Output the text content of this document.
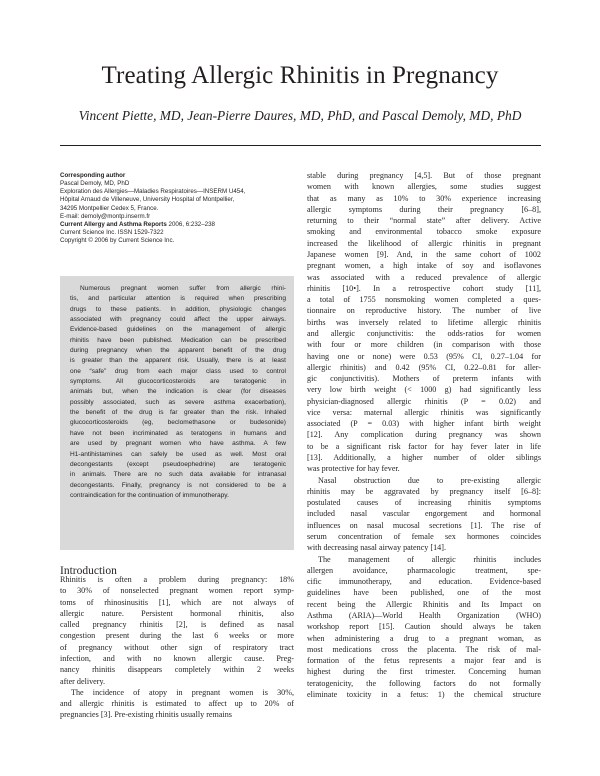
Treating Allergic Rhinitis in Pregnancy
Vincent Piette, MD, Jean-Pierre Daures, MD, PhD, and Pascal Demoly, MD, PhD
Corresponding author
Pascal Demoly, MD, PhD
Exploration des Allergies—Maladies Respiratoires—INSERM U454,
Hôpital Arnaud de Villeneuve, University Hospital of Montpellier,
34295 Montpellier Cedex 5, France.
E-mail: demoly@montp.inserm.fr
Current Allergy and Asthma Reports 2006, 6:232–238
Current Science Inc. ISSN 1529-7322
Copyright © 2006 by Current Science Inc.
Numerous pregnant women suffer from allergic rhini-
tis, and particular attention is required when prescribing
drugs to these patients. In addition, physiologic changes
associated with pregnancy could affect the upper airways.
Evidence-based guidelines on the management of allergic
rhinitis have been published. Medication can be prescribed
during pregnancy when the apparent benefit of the drug
is greater than the apparent risk. Usually, there is at least
one “safe” drug from each major class used to control
symptoms. All glucocorticosteroids are teratogenic in
animals but, when the indication is clear (for diseases
possibly associated, such as severe asthma exacerbation),
the benefit of the drug is far greater than the risk. Inhaled
glucocorticosteroids (eg, beclomethasone or budesonide)
have not been incriminated as teratogens in humans and
are used by pregnant women who have asthma. A few
H1-antihistamines can safely be used as well. Most oral
decongestants (except pseudoephedrine) are teratogenic
in animals. There are no such data available for intranasal
decongestants. Finally, pregnancy is not considered to be a
contraindication for the continuation of immunotherapy.
Introduction
Rhinitis is often a problem during pregnancy: 18%
to 30% of nonselected pregnant women report symp-
toms of rhinosinusitis [1], which are not always of
allergic nature. Persistent hormonal rhinitis, also
called pregnancy rhinitis [2], is defined as nasal
congestion present during the last 6 weeks or more
of pregnancy without other sign of respiratory tract
infection, and with no known allergic cause. Preg-
nancy rhinitis disappears completely within 2 weeks
after delivery.
The incidence of atopy in pregnant women is 30%,
and allergic rhinitis is estimated to affect up to 20% of
pregnancies [3]. Pre-existing rhinitis usually remains
stable during pregnancy [4,5]. But of those pregnant
women with known allergies, some studies suggest
that as many as 10% to 30% experience increasing
allergic symptoms during their pregnancy [6–8],
returning to their “normal state” after delivery. Active
smoking and environmental tobacco smoke exposure
increased the likelihood of allergic rhinitis in pregnant
Japanese women [9]. And, in the same cohort of 1002
pregnant women, a high intake of soy and isoflavones
was associated with a reduced prevalence of allergic
rhinitis [10•]. In a retrospective cohort study [11],
a total of 1755 nonsmoking women completed a ques-
tionnaire on reproductive history. The number of live
births was inversely related to lifetime allergic rhinitis
and allergic conjunctivitis: the odds-ratios for women
with four or more children (in comparison with those
having one or none) were 0.53 (95% CI, 0.27–1.04 for
allergic rhinitis) and 0.42 (95% CI, 0.22–0.81 for aller-
gic conjunctivitis). Mothers of preterm infants with
very low birth weight (< 1000 g) had significantly less
physician-diagnosed allergic rhinitis (P = 0.02) and
vice versa: maternal allergic rhinitis was significantly
associated (P = 0.03) with higher infant birth weight
[12]. Any complication during pregnancy was shown
to be a significant risk factor for hay fever later in life
[13]. Additionally, a higher number of older siblings
was protective for hay fever.
Nasal obstruction due to pre-existing allergic
rhinitis may be aggravated by pregnancy itself [6–8]:
postulated causes of increasing rhinitis symptoms
included nasal vascular engorgement and hormonal
influences on nasal mucosal secretions [1]. The rise of
serum concentration of female sex hormones coincides
with decreasing nasal airway patency [14].
The management of allergic rhinitis includes
allergen avoidance, pharmacologic treatment, spe-
cific immunotherapy, and education. Evidence-based
guidelines have been published, one of the most
recent being the Allergic Rhinitis and Its Impact on
Asthma (ARIA)—World Health Organization (WHO)
workshop report [15]. Caution should always be taken
when administering a drug to a pregnant woman, as
most medications cross the placenta. The risk of mal-
formation of the fetus represents a major fear and is
highest during the first trimester. Concerning human
teratogenicity, the following factors do not formally
eliminate toxicity in a fetus: 1) the chemical structure
